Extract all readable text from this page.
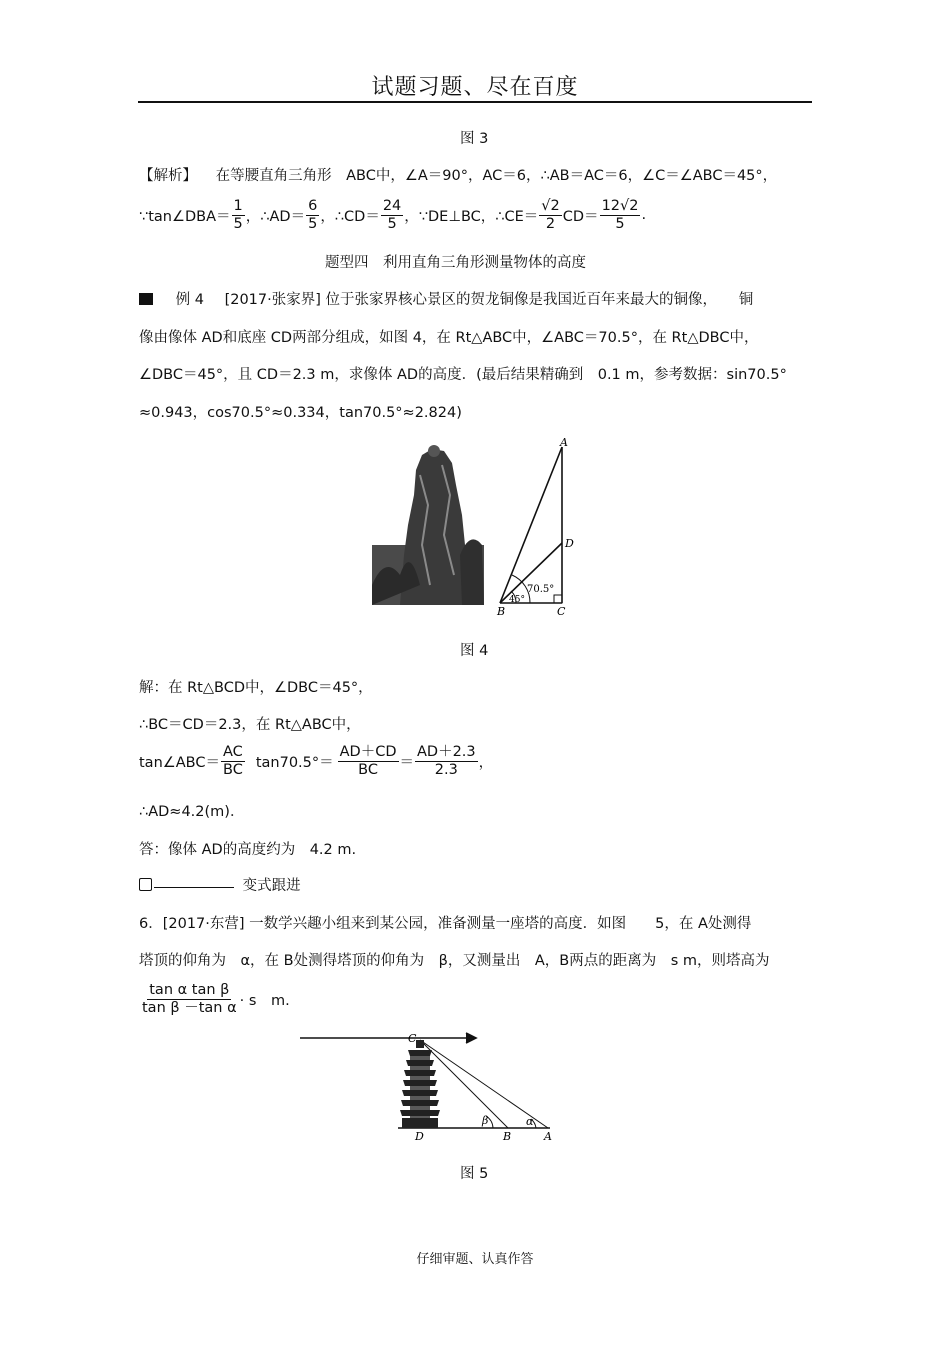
试题习题、尽在百度
图 3
【解析】 在等腰直角三角形　ABC中，∠A＝90°，AC＝6，∴AB＝AC＝6，∠C＝∠ABC＝45°，
∵tan∠DBA＝ $\frac{1}{5}$ ，∴AD＝ $\frac{6}{5}$ ，∴CD＝ $\frac{24}{5}$ ，∵DE⊥BC，∴CE＝ $\frac{√2}{2} CD= \frac{12√2}{5}$ .
题型四　利用直角三角形测量物体的高度
例 4 [2017·张家界] 位于张家界核心景区的贺龙铜像是我国近百年来最大的铜像，　　铜
像由像体 AD和底座 CD两部分组成，如图 4，在 Rt△ABC中，∠ABC＝70.5°，在 Rt△DBC中，
∠DBC＝45°，且 CD＝2.3 m，求像体 AD的高度．(最后结果精确到　0.1 m，参考数据：sin70.5°
≈0.943，cos70.5°≈0.334，tan70.5°≈2.824)
A
D
B	C
70.5°
45°
图 4
解：在 Rt△BCD中，∠DBC＝45°，
∴BC＝CD＝2.3，在 Rt△ABC中，
tan∠ABC＝ $\frac{AC}{BC} \tan 70.5^\circ= \frac{AD+CD}{BC} = \frac{AD+2.3}{2.3}$ ，
∴AD≈4.2(m)．
答：像体 AD的高度约为　4.2 m.
变式跟进
6．[2017·东营] 一数学兴趣小组来到某公园，准备测量一座塔的高度．如图　　5，在 A处测得
塔顶的仰角为　α，在 B处测得塔顶的仰角为　β，又测量出　A，B两点的距离为　s m，则塔高为
$\frac{\text{tan α tan β}}{\text{tan β －tan α}} \cdot s$　m.
C
D	B	A
β	α
图 5
仔细审题、认真作答
